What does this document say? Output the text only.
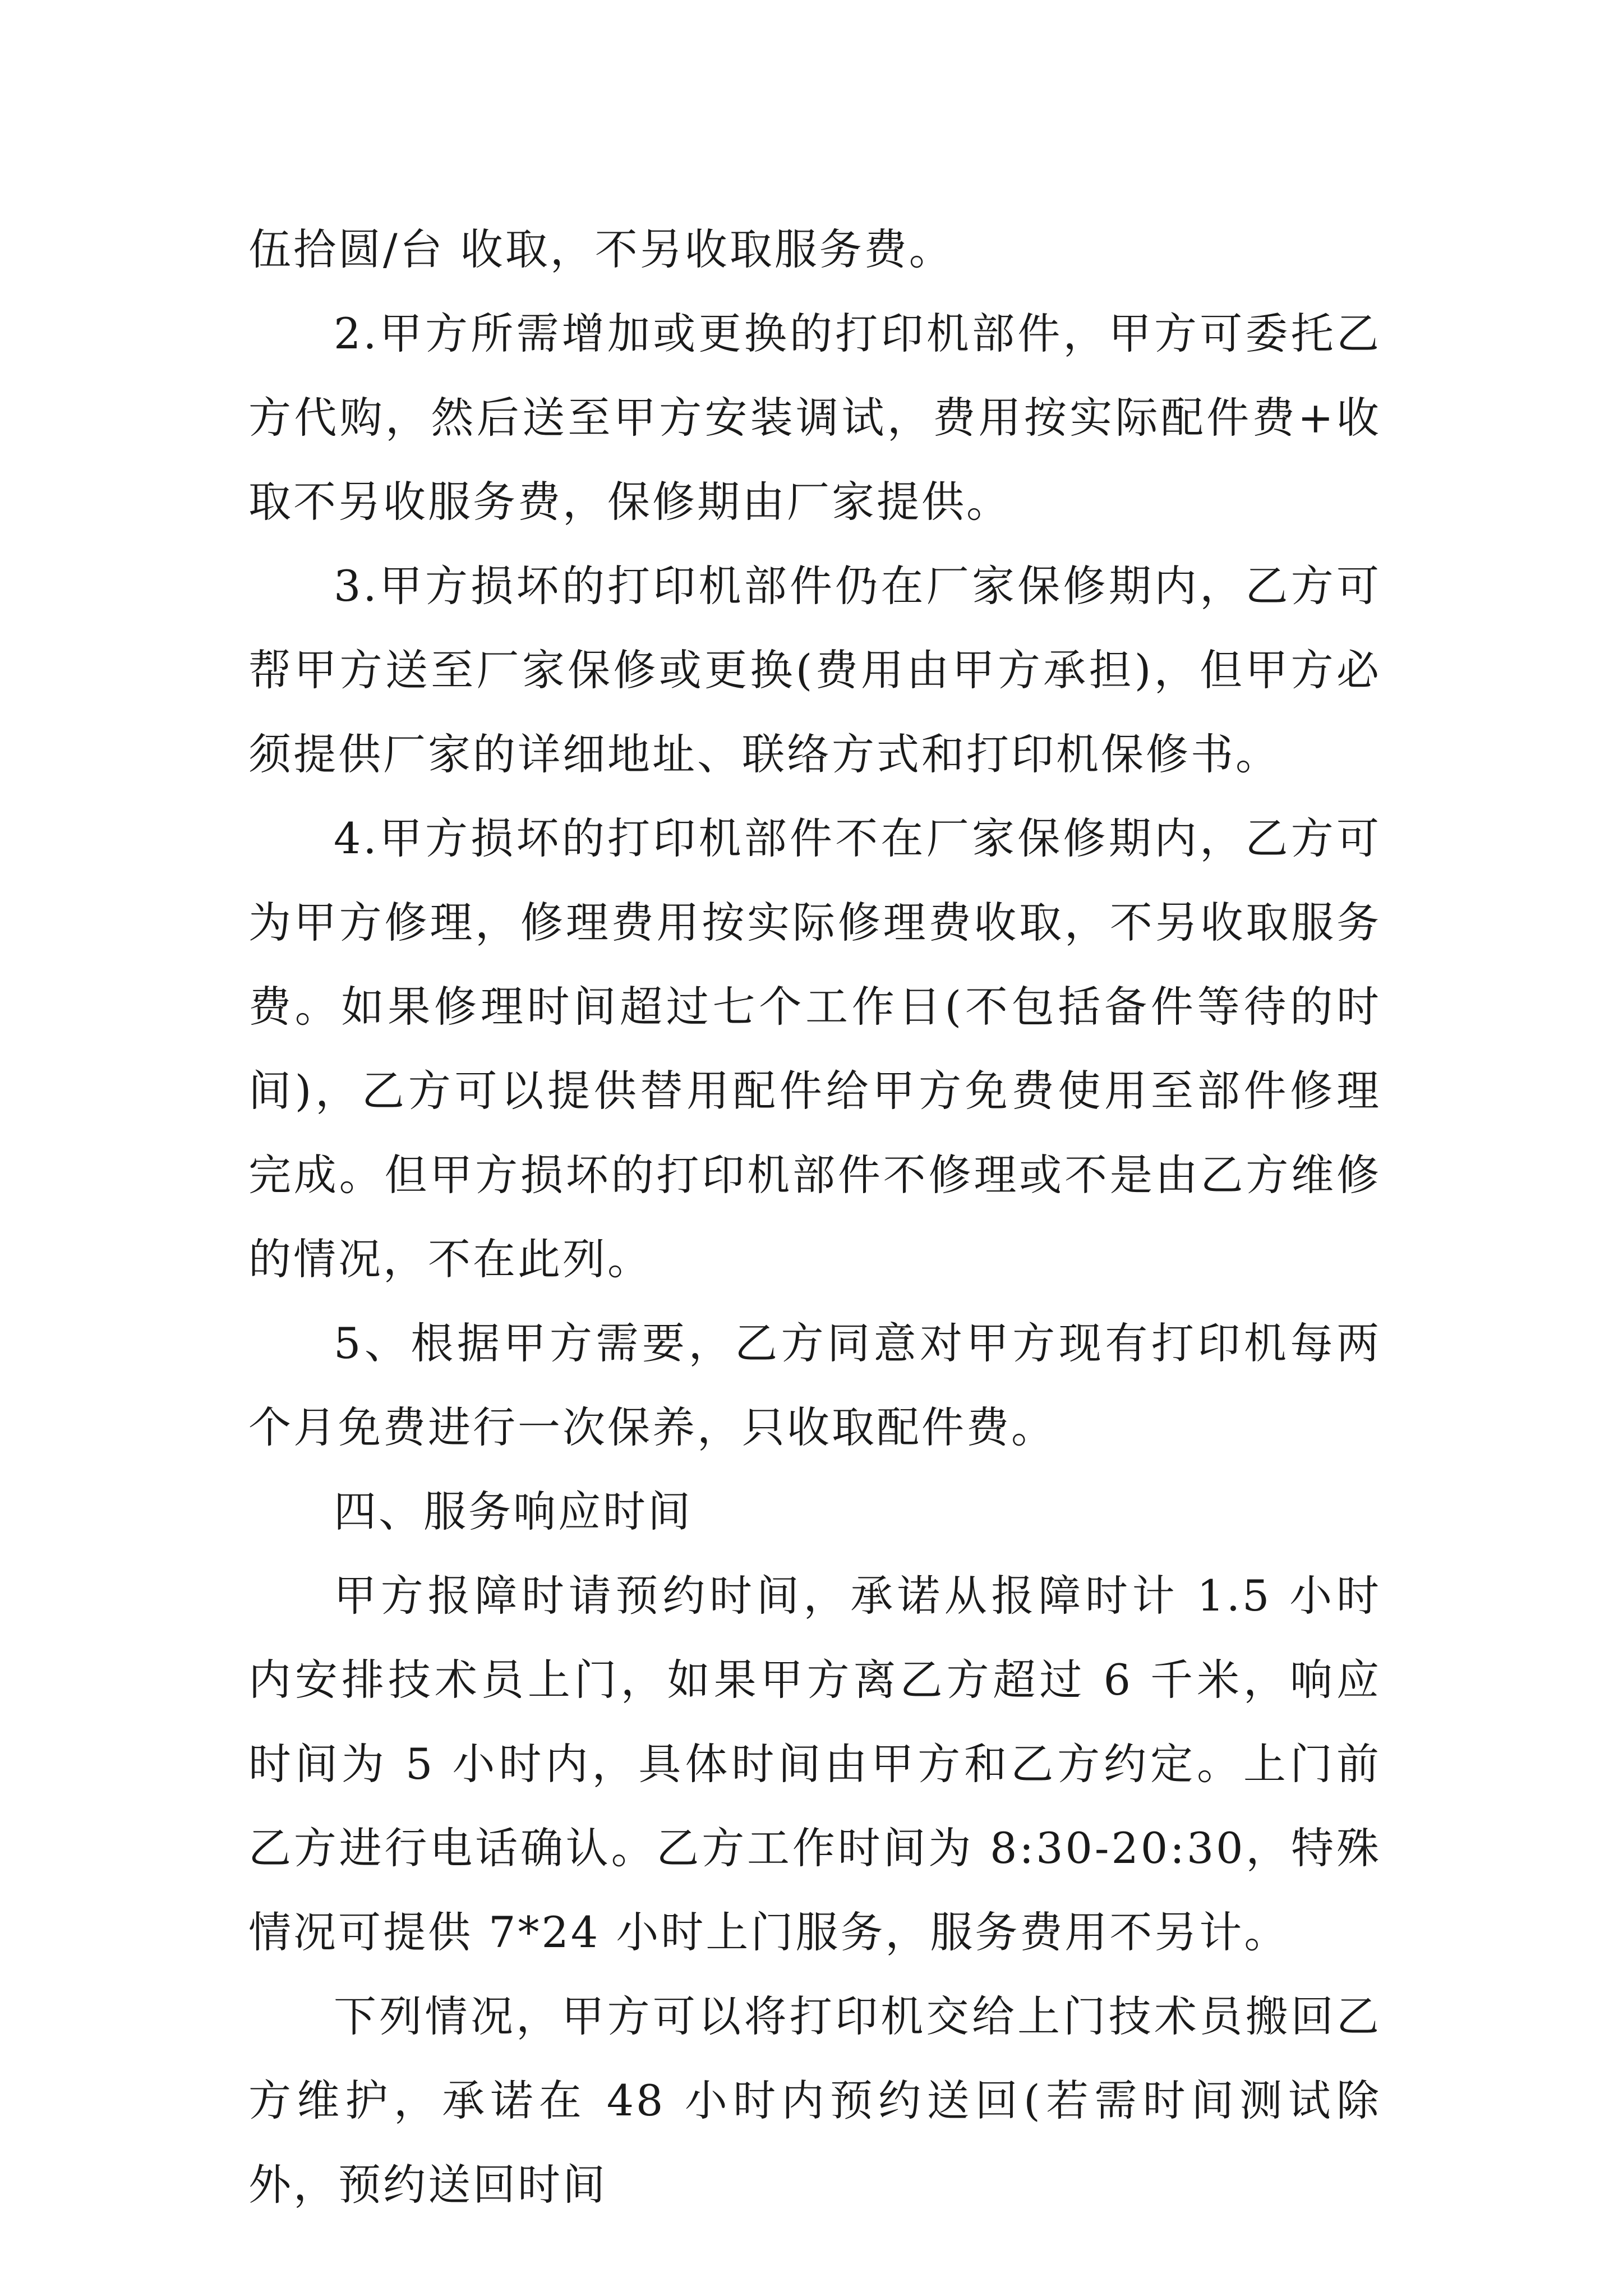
伍拾圆/台 收取，不另收取服务费。

2.甲方所需增加或更换的打印机部件，甲方可委托乙方代购，然后送至甲方安装调试，费用按实际配件费+收取不另收服务费，保修期由厂家提供。

3.甲方损坏的打印机部件仍在厂家保修期内，乙方可帮甲方送至厂家保修或更换(费用由甲方承担)，但甲方必须提供厂家的详细地址、联络方式和打印机保修书。

4.甲方损坏的打印机部件不在厂家保修期内，乙方可为甲方修理，修理费用按实际修理费收取，不另收取服务费。如果修理时间超过七个工作日(不包括备件等待的时间)，乙方可以提供替用配件给甲方免费使用至部件修理完成。但甲方损坏的打印机部件不修理或不是由乙方维修的情况，不在此列。

5、根据甲方需要，乙方同意对甲方现有打印机每两个月免费进行一次保养，只收取配件费。

四、服务响应时间

甲方报障时请预约时间，承诺从报障时计 1.5 小时内安排技术员上门，如果甲方离乙方超过 6 千米，响应时间为 5 小时内，具体时间由甲方和乙方约定。上门前乙方进行电话确认。乙方工作时间为 8:30-20:30，特殊情况可提供 7*24 小时上门服务，服务费用不另计。

下列情况，甲方可以将打印机交给上门技术员搬回乙方维护，承诺在 48 小时内预约送回(若需时间测试除外，预约送回时间
